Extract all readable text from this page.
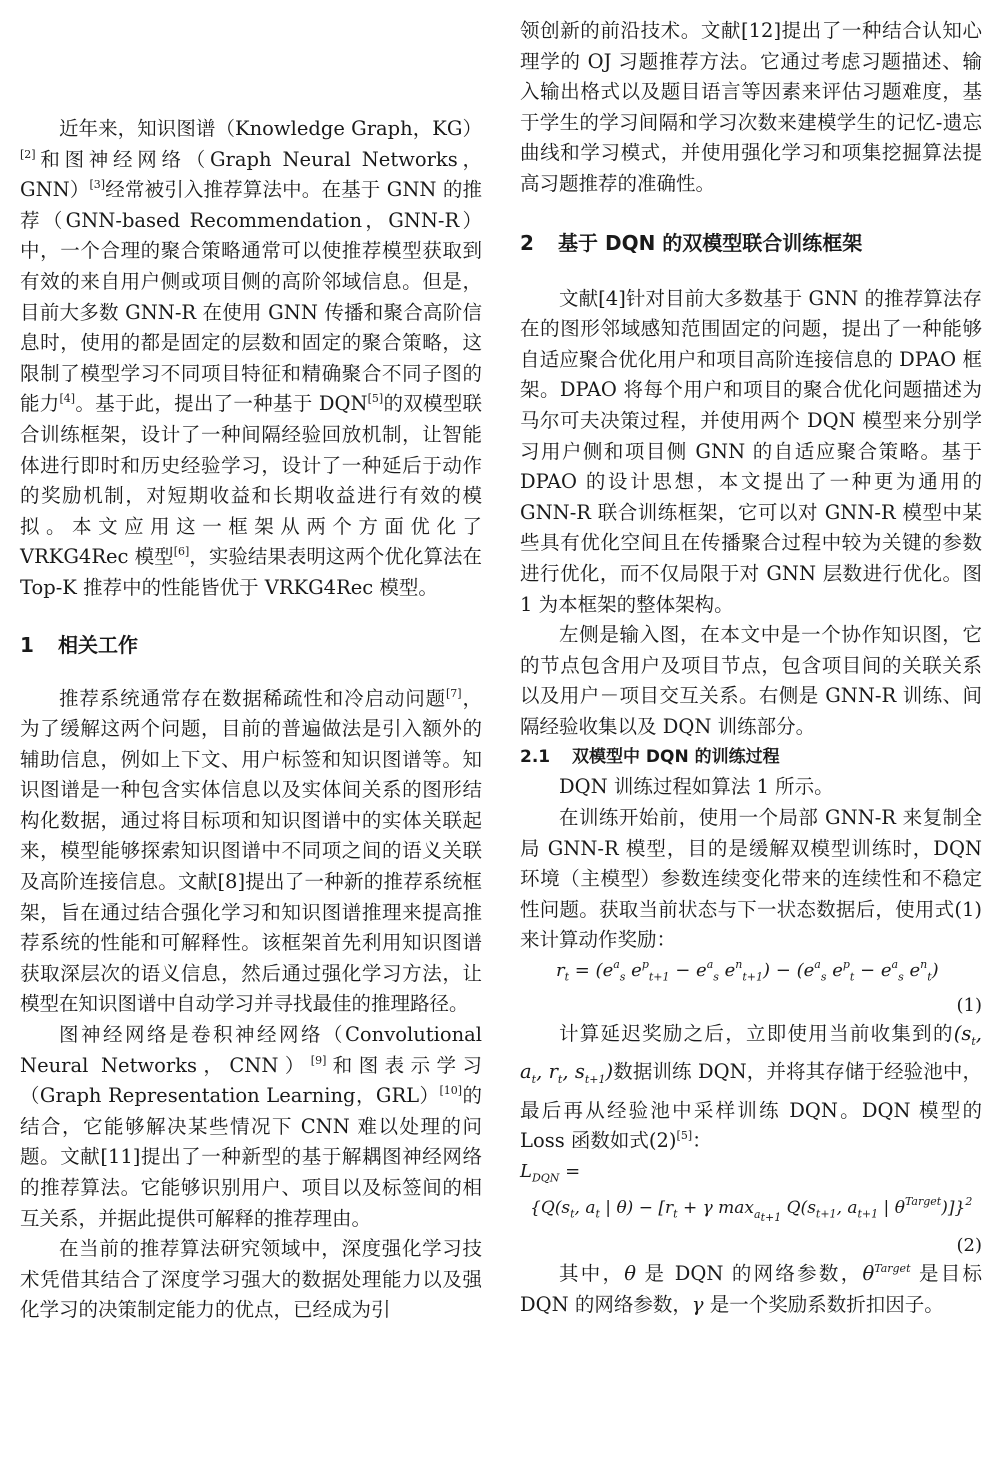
近年来，知识图谱（Knowledge Graph，KG）[2]和图神经网络（Graph Neural Networks，GNN）[3]经常被引入推荐算法中。在基于 GNN 的推荐（GNN-based Recommendation，GNN-R）中，一个合理的聚合策略通常可以使推荐模型获取到有效的来自用户侧或项目侧的高阶邻域信息。但是，目前大多数 GNN-R 在使用 GNN 传播和聚合高阶信息时，使用的都是固定的层数和固定的聚合策略，这限制了模型学习不同项目特征和精确聚合不同子图的能力[4]。基于此，提出了一种基于 DQN[5]的双模型联合训练框架，设计了一种间隔经验回放机制，让智能体进行即时和历史经验学习，设计了一种延后于动作的奖励机制，对短期收益和长期收益进行有效的模拟。本文应用这一框架从两个方面优化了 VRKG4Rec 模型[6]，实验结果表明这两个优化算法在 Top-K 推荐中的性能皆优于 VRKG4Rec 模型。

1 相关工作

推荐系统通常存在数据稀疏性和冷启动问题[7]，为了缓解这两个问题，目前的普遍做法是引入额外的辅助信息，例如上下文、用户标签和知识图谱等。知识图谱是一种包含实体信息以及实体间关系的图形结构化数据，通过将目标项和知识图谱中的实体关联起来，模型能够探索知识图谱中不同项之间的语义关联及高阶连接信息。文献[8]提出了一种新的推荐系统框架，旨在通过结合强化学习和知识图谱推理来提高推荐系统的性能和可解释性。该框架首先利用知识图谱获取深层次的语义信息，然后通过强化学习方法，让模型在知识图谱中自动学习并寻找最佳的推理路径。

图神经网络是卷积神经网络（Convolutional Neural Networks，CNN）[9]和图表示学习（Graph Representation Learning，GRL）[10]的结合，它能够解决某些情况下 CNN 难以处理的问题。文献[11]提出了一种新型的基于解耦图神经网络的推荐算法。它能够识别用户、项目以及标签间的相互关系，并据此提供可解释的推荐理由。

在当前的推荐算法研究领域中，深度强化学习技术凭借其结合了深度学习强大的数据处理能力以及强化学习的决策制定能力的优点，已经成为引

领创新的前沿技术。文献[12]提出了一种结合认知心理学的 OJ 习题推荐方法。它通过考虑习题描述、输入输出格式以及题目语言等因素来评估习题难度，基于学生的学习间隔和学习次数来建模学生的记忆-遗忘曲线和学习模式，并使用强化学习和项集挖掘算法提高习题推荐的准确性。

2 基于 DQN 的双模型联合训练框架

文献[4]针对目前大多数基于 GNN 的推荐算法存在的图形邻域感知范围固定的问题，提出了一种能够自适应聚合优化用户和项目高阶连接信息的 DPAO 框架。DPAO 将每个用户和项目的聚合优化问题描述为马尔可夫决策过程，并使用两个 DQN 模型来分别学习用户侧和项目侧 GNN 的自适应聚合策略。基于 DPAO 的设计思想，本文提出了一种更为通用的 GNN-R 联合训练框架，它可以对 GNN-R 模型中某些具有优化空间且在传播聚合过程中较为关键的参数进行优化，而不仅局限于对 GNN 层数进行优化。图 1 为本框架的整体架构。

左侧是输入图，在本文中是一个协作知识图，它的节点包含用户及项目节点，包含项目间的关联关系以及用户－项目交互关系。右侧是 GNN-R 训练、间隔经验收集以及 DQN 训练部分。

2.1 双模型中 DQN 的训练过程

DQN 训练过程如算法 1 所示。

在训练开始前，使用一个局部 GNN-R 来复制全局 GNN-R 模型，目的是缓解双模型训练时，DQN 环境（主模型）参数连续变化带来的连续性和不稳定性问题。获取当前状态与下一状态数据后，使用式(1)来计算动作奖励：

$r_t = (e^a_s$ $e^p_{t+1} - e^a_s$ $e^n_{t+1}) - (e^a_s$ $e^p_t - e^a_s$ $e^n_t$)
(1)

计算延迟奖励之后，立即使用当前收集到的($s_t$, $a_t$, $r_t$, $s_{t+1}$)数据训练 DQN，并将其存储于经验池中，最后再从经验池中采样训练 DQN。DQN 模型的 Loss 函数如式(2)[5]：

$L_{DQN}$ =
{$Q(s_t$, $a_t$ | $\theta) - [r_t + \gamma$ $\max_{a_{t+1}} Q(s_{t+1}$, $a_{t+1}$ | $\theta^{Target})]\}^2$
(2)

其中，θ 是 DQN 的网络参数，$\theta^{Target}$ 是目标 DQN 的网络参数，γ 是一个奖励系数折扣因子。
